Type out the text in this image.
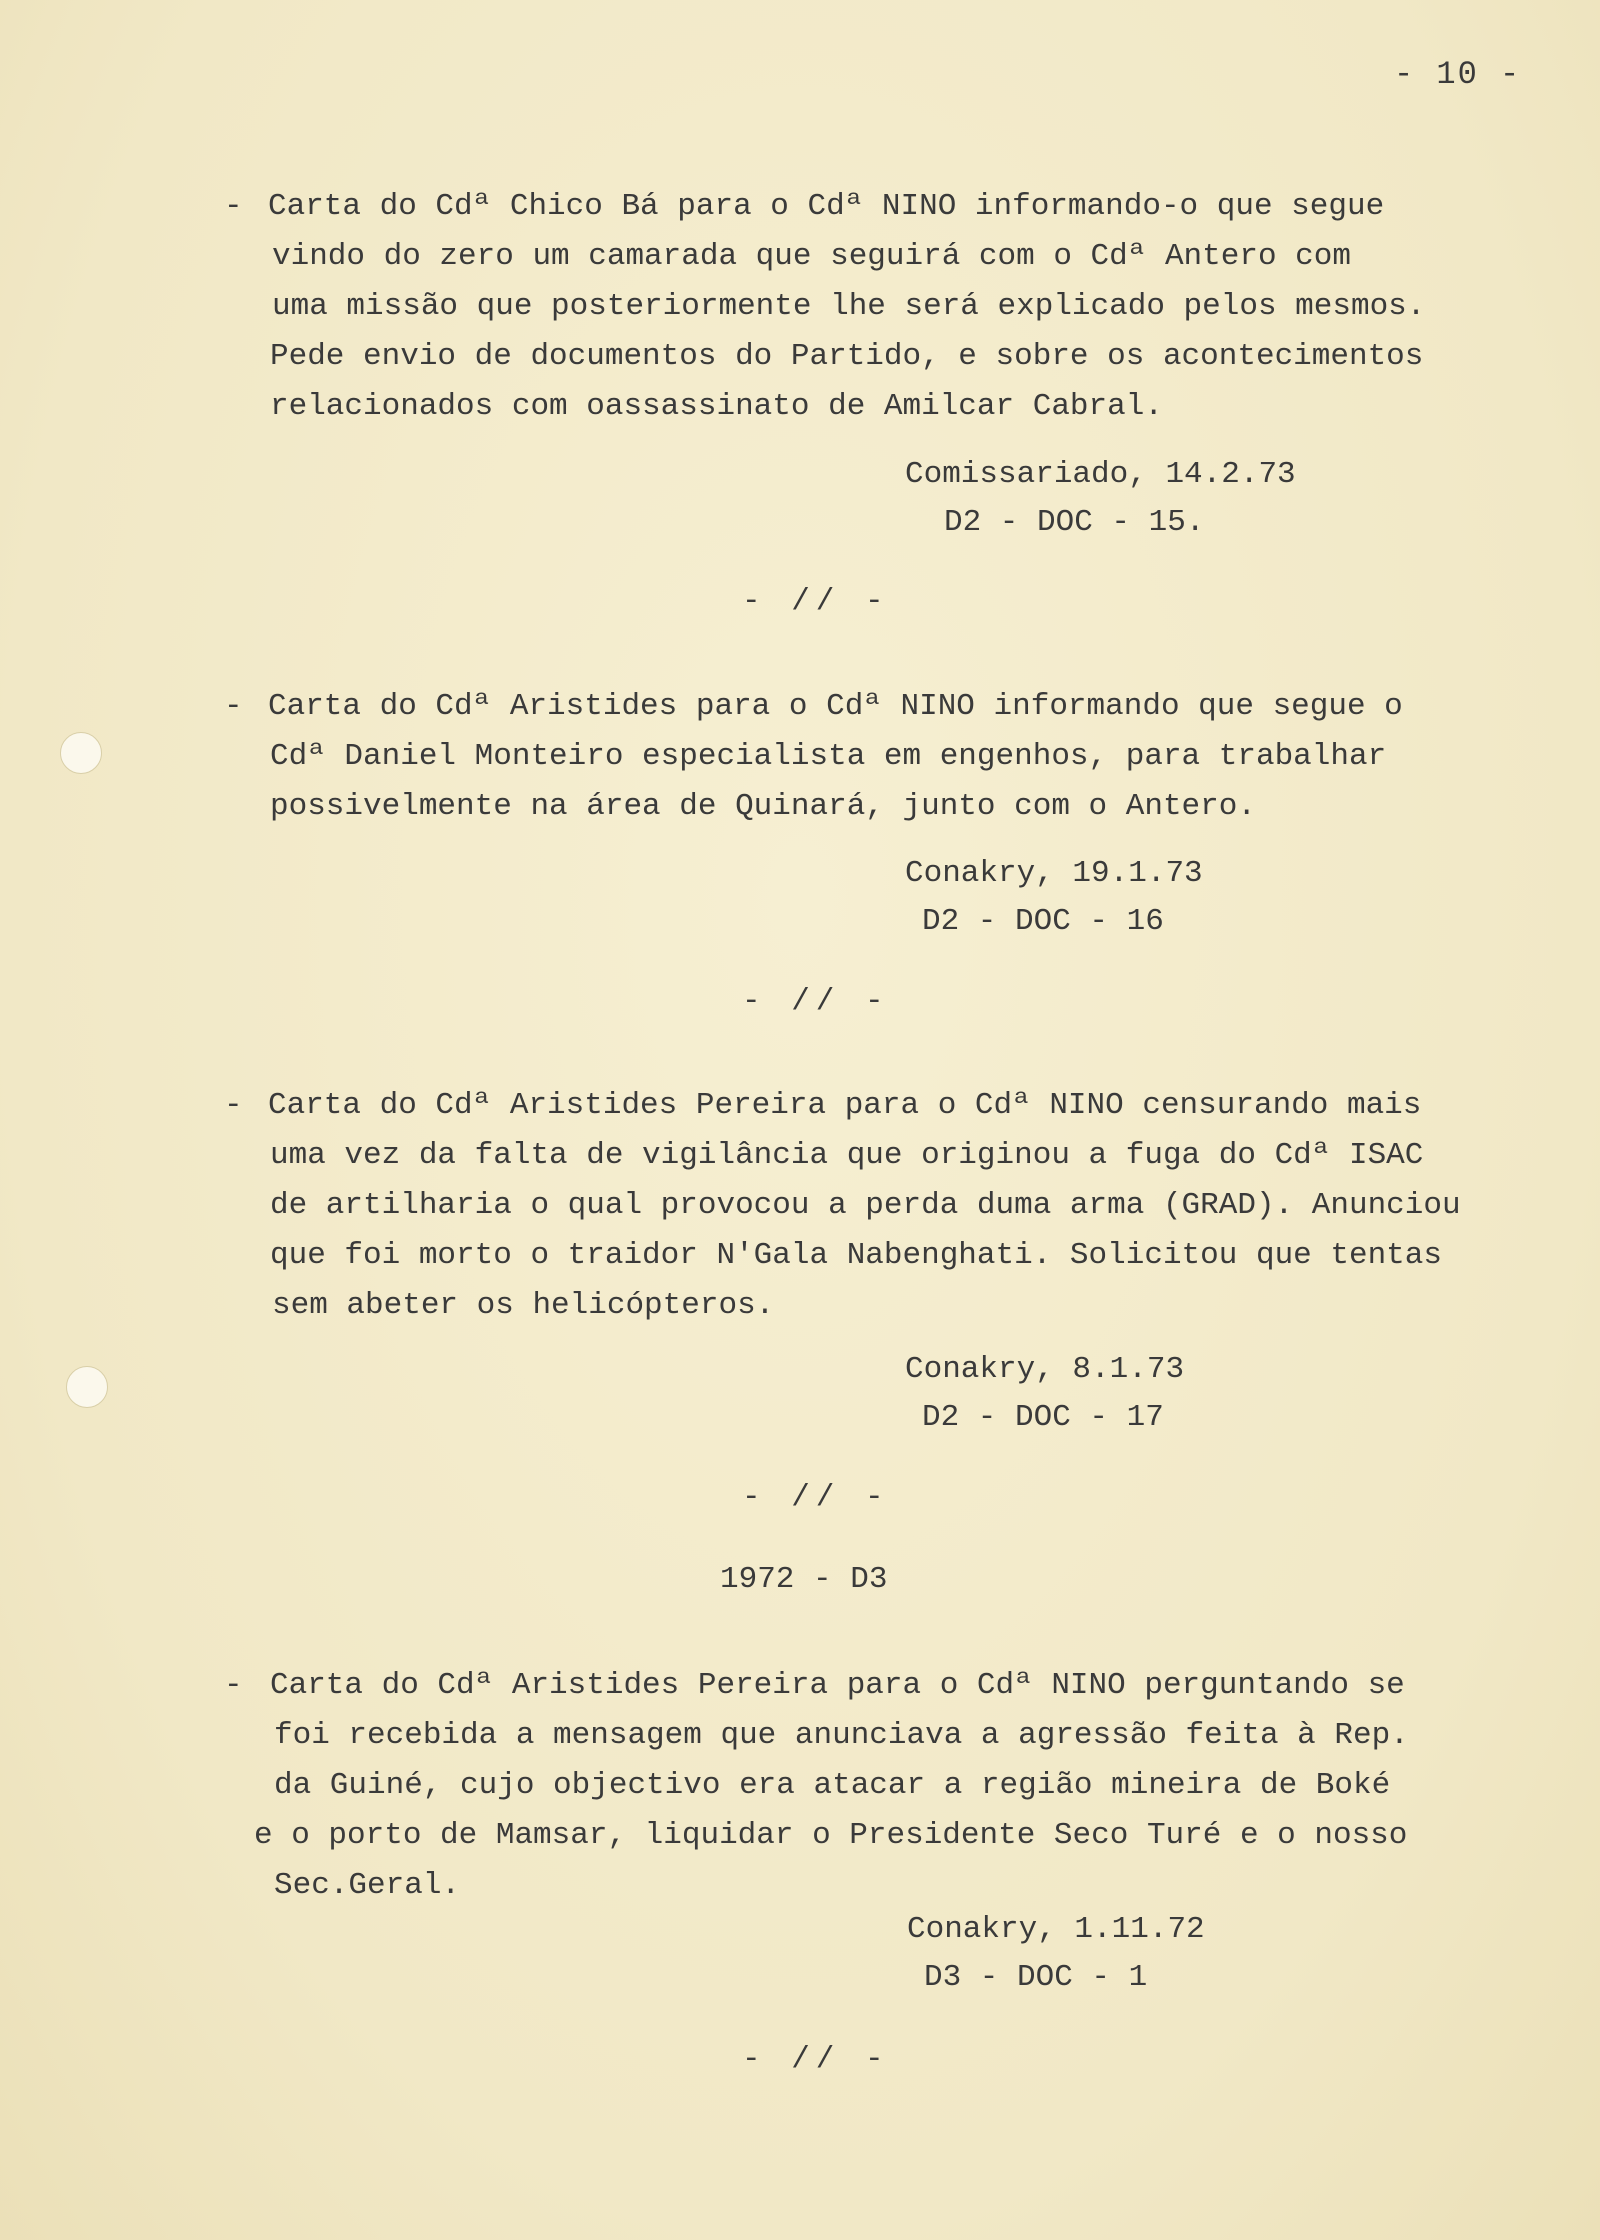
- 10 -
- Carta do Cdª Chico Bá para o Cdª NINO informando-o que segue

vindo do zero um camarada que seguirá com o Cdª Antero com

uma missão que posteriormente lhe será explicado pelos mesmos.

Pede envio de documentos do Partido, e sobre os acontecimentos

relacionados com oassassinato de Amilcar Cabral.

Comissariado, 14.2.73
D2 - DOC - 15.
- // -
- Carta do Cdª Aristides para o Cdª NINO informando que segue o

Cdª Daniel Monteiro especialista em engenhos, para trabalhar

possivelmente na área de Quinará, junto com o Antero.

Conakry, 19.1.73
D2 - DOC - 16
- // -
- Carta do Cdª Aristides Pereira para o Cdª NINO censurando mais

uma vez da falta de vigilância que originou a fuga do Cdª ISAC

de artilharia o qual provocou a perda duma arma (GRAD). Anunciou

que foi morto o traidor N'Gala Nabenghati. Solicitou que tentas

sem abeter os helicópteros.

Conakry, 8.1.73
D2 - DOC - 17
- // -
1972 - D3
- Carta do Cdª Aristides Pereira para o Cdª NINO perguntando se

foi recebida a mensagem que anunciava a agressão feita à Rep.

da Guiné, cujo objectivo era atacar a região mineira de Boké

e o porto de Mamsar, liquidar o Presidente Seco Turé e o nosso

Sec.Geral.

Conakry, 1.11.72
D3 - DOC - 1
- // -
